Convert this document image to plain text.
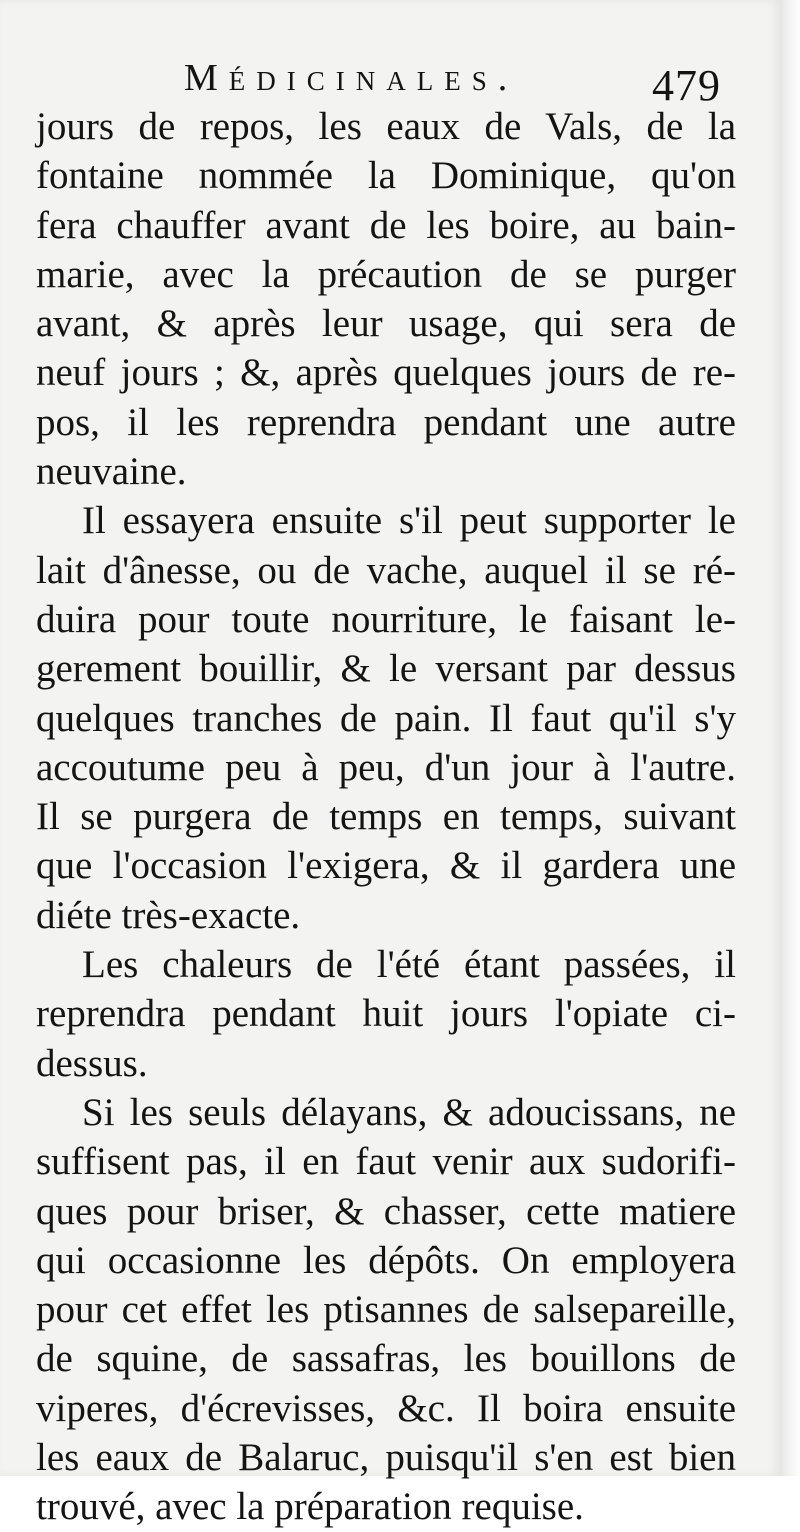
Médicinales.	479

jours de repos, les eaux de Vals, de la
fontaine nommée la Dominique, qu'on
fera chauffer avant de les boire, au bain-
marie, avec la précaution de se purger
avant, & après leur usage, qui sera de
neuf jours ; &, après quelques jours de re-
pos, il les reprendra pendant une autre
neuvaine.

Il essayera ensuite s'il peut supporter le
lait d'ânesse, ou de vache, auquel il se ré-
duira pour toute nourriture, le faisant le-
gerement bouillir, & le versant par dessus
quelques tranches de pain. Il faut qu'il s'y
accoutume peu à peu, d'un jour à l'autre.
Il se purgera de temps en temps, suivant
que l'occasion l'exigera, & il gardera une
diéte très-exacte.

Les chaleurs de l'été étant passées, il
reprendra pendant huit jours l'opiate ci-
dessus.

Si les seuls délayans, & adoucissans, ne
suffisent pas, il en faut venir aux sudorifi-
ques pour briser, & chasser, cette matiere
qui occasionne les dépôts. On employera
pour cet effet les ptisannes de salsepareille,
de squine, de sassafras, les bouillons de
viperes, d'écrevisses, &c. Il boira ensuite
les eaux de Balaruc, puisqu'il s'en est bien
trouvé, avec la préparation requise.
